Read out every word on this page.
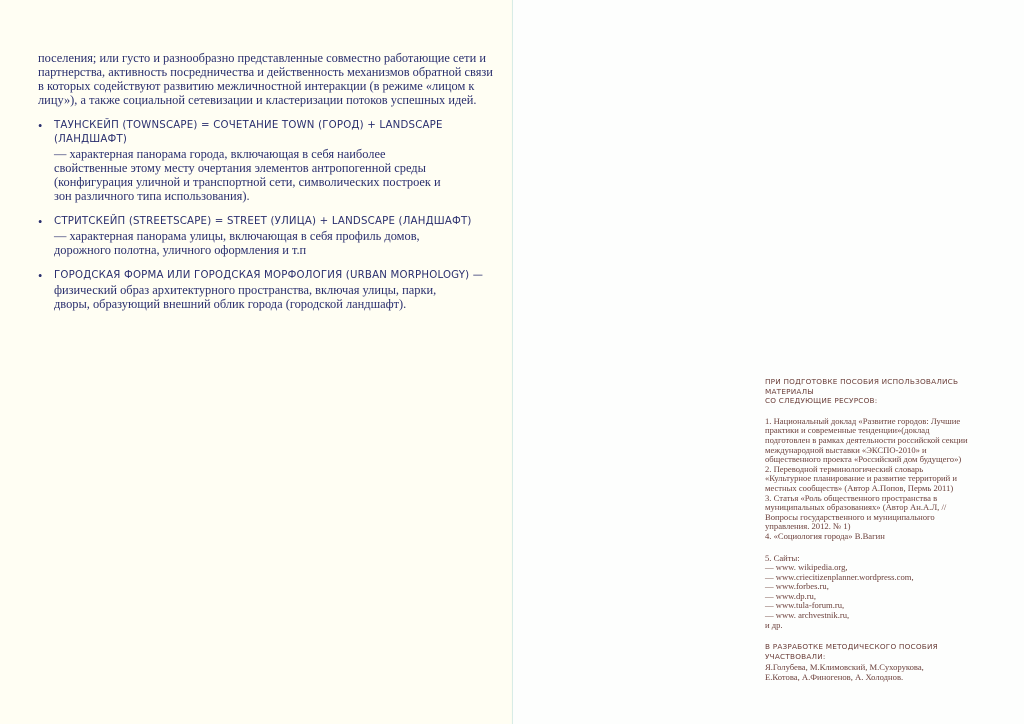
поселения; или густо и разнообразно представленные совместно работающие сети и партнерства, активность посредничества и действенность механизмов обратной связи в которых содействуют развитию межличностной интеракции (в режиме «лицом к лицу»), а также социальной сетевизации и кластеризации потоков успешных идей.

• ТАУНСКЕЙП (TOWNSCAPE) = СОЧЕТАНИЕ TOWN (ГОРОД) + LANDSCAPE (ЛАНДШАФТ)
— характерная панорама города, включающая в себя наиболее
свойственные этому месту очертания элементов антропогенной среды
(конфигурация уличной и транспортной сети, символических построек и
зон различного типа использования).
• СТРИТСКЕЙП (STREETSCAPE) = STREET (УЛИЦА) + LANDSCAPE (ЛАНДШАФТ)
— характерная панорама улицы, включающая в себя профиль домов,
дорожного полотна, уличного оформления и т.п
• ГОРОДСКАЯ ФОРМА ИЛИ ГОРОДСКАЯ МОРФОЛОГИЯ (URBAN MORPHOLOGY) —
физический образ архитектурного пространства, включая улицы, парки,
дворы, образующий внешний облик города (городской ландшафт).
ПРИ ПОДГОТОВКЕ ПОСОБИЯ ИСПОЛЬЗОВАЛИСЬ МАТЕРИАЛЫ
СО СЛЕДУЮЩИЕ РЕСУРСОВ:
1. Национальный доклад «Развитие городов: Лучшие
практики и современные тенденции»(доклад
подготовлен в рамках деятельности российской секции
международной выставки «ЭКСПО-2010» и
общественного проекта «Российский дом будущего»)
2. Переводной терминологический словарь
«Культурное планирование и развитие территорий и
местных сообществ» (Автор А.Попов, Пермь 2011)
3. Статья «Роль общественного пространства в
муниципальных образованиях» (Автор Ан.А.Л, //
Вопросы государственного и муниципального
управления. 2012. № 1)
4. «Социология города» В.Вагин
5. Сайты:
— www. wikipedia.org,
— www.criecitizenplanner.wordpress.com,
— www.forbes.ru,
— www.dp.ru,
— www.tula-forum.ru,
— www. archvestnik.ru,
и др.
В РАЗРАБОТКЕ МЕТОДИЧЕСКОГО ПОСОБИЯ УЧАСТВОВАЛИ:
Я.Голубева, М.Климовский, М.Сухорукова,
Е.Котова, А.Финогенов, А. Холоднов.
